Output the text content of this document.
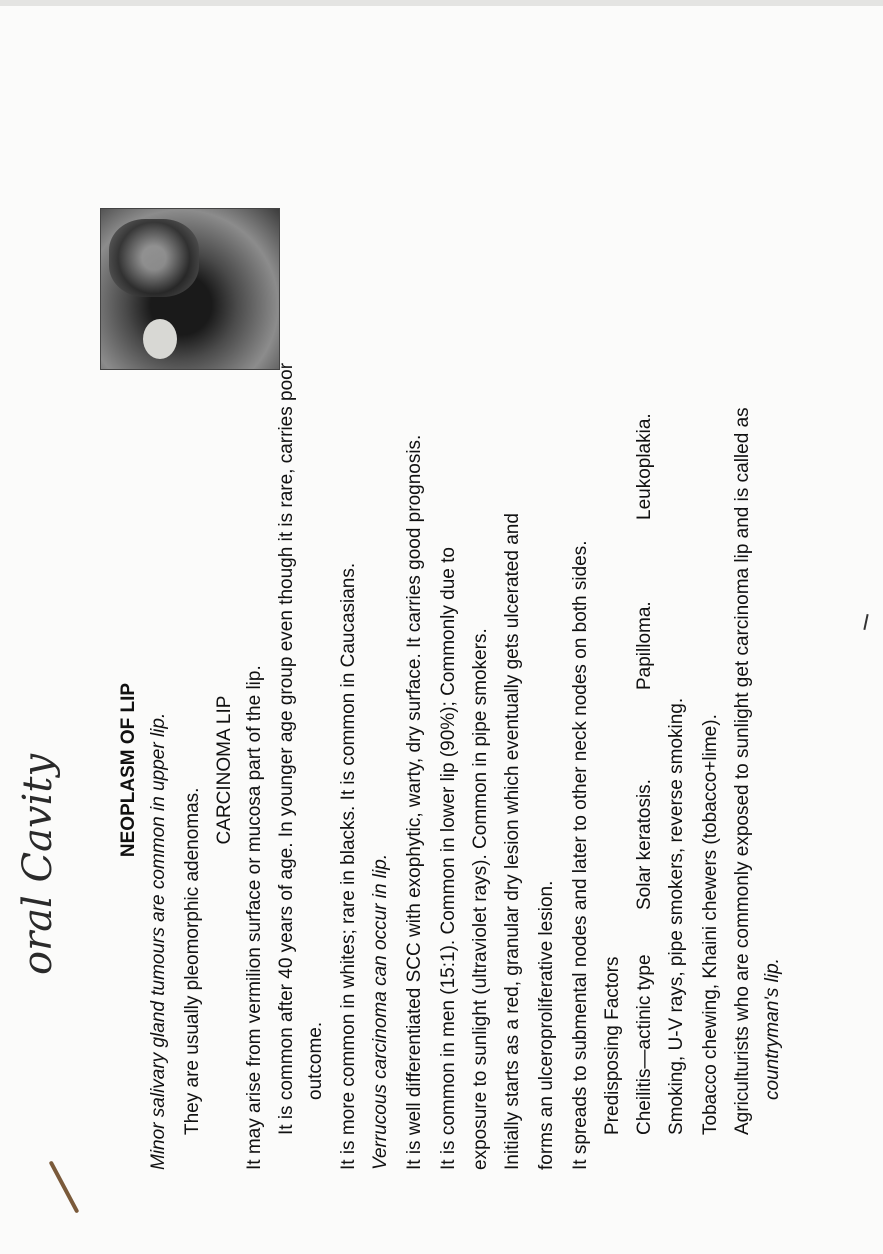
oral Cavity	NEOPLASM OF LIP Minor salivary gland tumours are common in upper lip. They are usually pleomorphic adenomas.
CARCINOMA LIP It may arise from vermilion surface or mucosa part of the lip. It is common after 40 years of age. In younger age group even though it is rare, carries poor outcome. It is more common in whites; rare in blacks. It is common in Caucasians. Verrucous carcinoma can occur in lip. It is well differentiated SCC with exophytic, warty, dry surface. It carries good prognosis. It is common in men (15:1). Common in lower lip (90%); Commonly due to exposure to sunlight (ultraviolet rays). Common in pipe smokers. Initially starts as a red, granular dry lesion which eventually gets ulcerated and forms an ulceroproliferative lesion. It spreads to submental nodes and later to other neck nodes on both sides. Predisposing Factors Cheilitis—actinic type
Solar keratosis.
Papilloma.
Leukoplakia.
Smoking, U-V rays, pipe smokers, reverse smoking. Tobacco chewing, Khaini chewers (tobacco+lime). Agriculturists who are commonly exposed to sunlight get carcinoma lip and is called as countryman's lip.
